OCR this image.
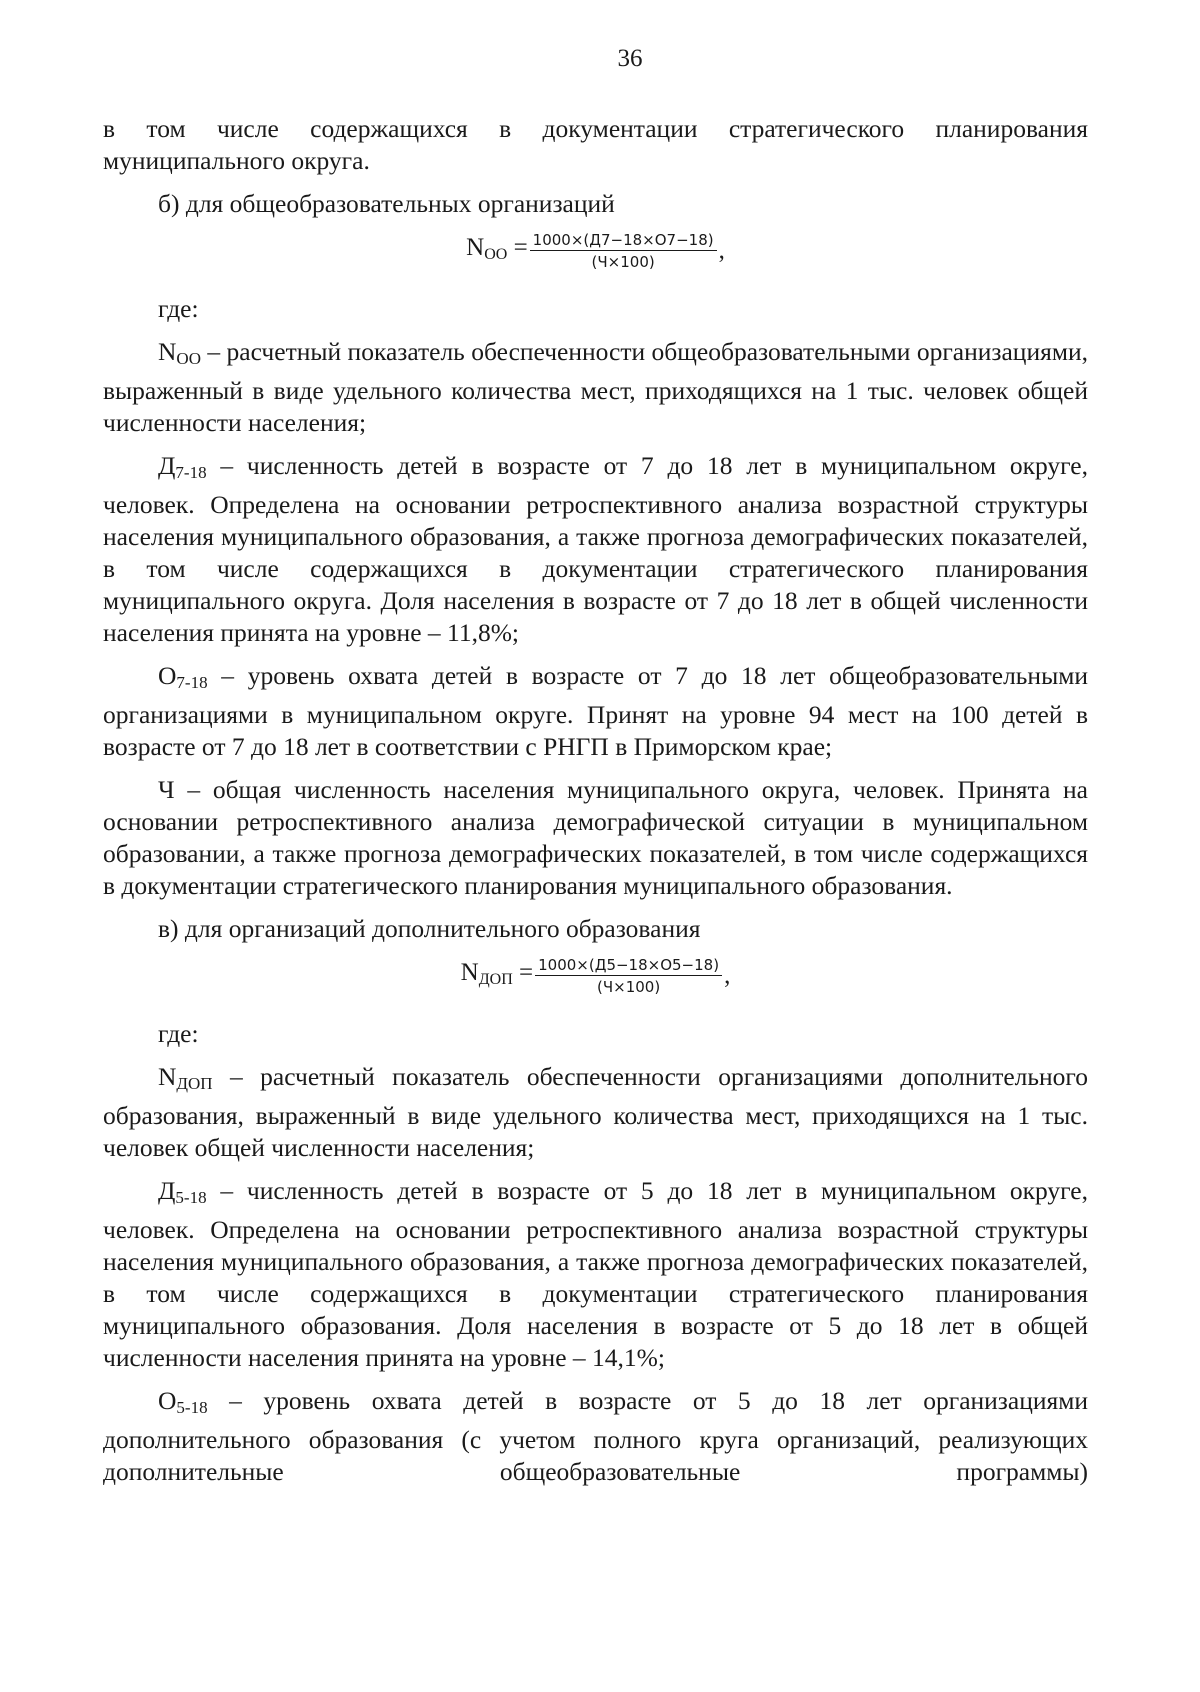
36

в том числе содержащихся в документации стратегического планирования муниципального округа.

б) для общеобразовательных организаций

$N_{ОО} = \frac{1000\times(Д7-18\times О7-18)}{(Ч\times 100)}$ ,

где:

$N_{ОО}$ – расчетный показатель обеспеченности общеобразовательными организациями, выраженный в виде удельного количества мест, приходящихся на 1 тыс. человек общей численности населения;

$Д_{7-18}$ – численность детей в возрасте от 7 до 18 лет в муниципальном округе, человек. Определена на основании ретроспективного анализа возрастной структуры населения муниципального образования, а также прогноза демографических показателей, в том числе содержащихся в документации стратегического планирования муниципального округа. Доля населения в возрасте от 7 до 18 лет в общей численности населения принята на уровне – 11,8%;

$О_{7-18}$ – уровень охвата детей в возрасте от 7 до 18 лет общеобразовательными организациями в муниципальном округе. Принят на уровне 94 мест на 100 детей в возрасте от 7 до 18 лет в соответствии с РНГП в Приморском крае;

Ч – общая численность населения муниципального округа, человек. Принята на основании ретроспективного анализа демографической ситуации в муниципальном образовании, а также прогноза демографических показателей, в том числе содержащихся в документации стратегического планирования муниципального образования.

в) для организаций дополнительного образования

$N_{ДОП} = \frac{1000\times(Д5-18\times О5-18)}{(Ч\times 100)}$ ,

где:

$N_{ДОП}$ – расчетный показатель обеспеченности организациями дополнительного образования, выраженный в виде удельного количества мест, приходящихся на 1 тыс. человек общей численности населения;

$Д_{5-18}$ – численность детей в возрасте от 5 до 18 лет в муниципальном округе, человек. Определена на основании ретроспективного анализа возрастной структуры населения муниципального образования, а также прогноза демографических показателей, в том числе содержащихся в документации стратегического планирования муниципального образования. Доля населения в возрасте от 5 до 18 лет в общей численности населения принята на уровне – 14,1%;

$О_{5-18}$ – уровень охвата детей в возрасте от 5 до 18 лет организациями дополнительного образования (с учетом полного круга организаций, реализующих дополнительные общеобразовательные программы)
